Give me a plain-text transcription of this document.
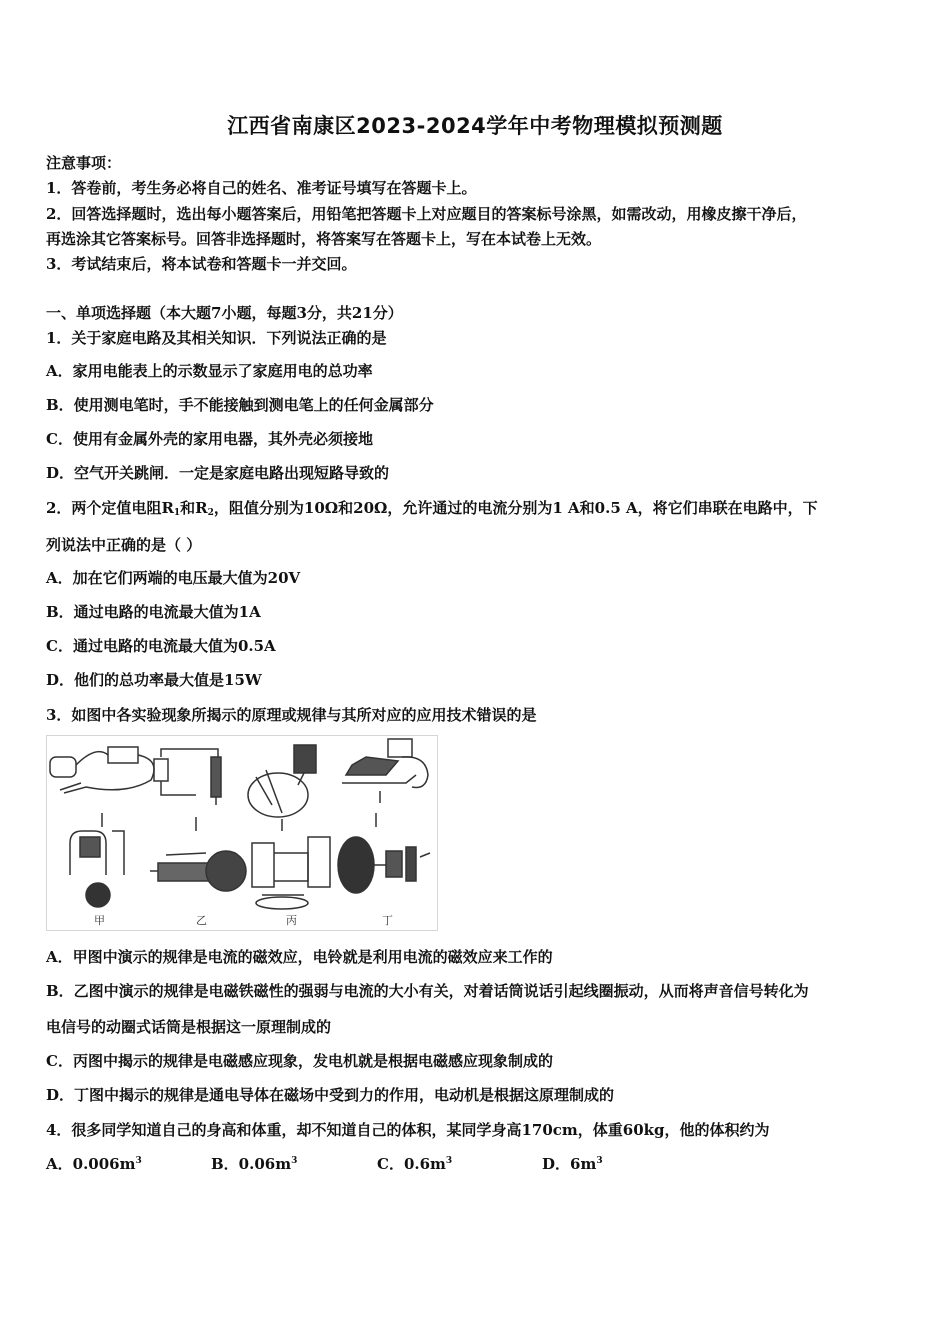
江西省南康区2023-2024学年中考物理模拟预测题
注意事项：
1．答卷前，考生务必将自己的姓名、准考证号填写在答题卡上。
2．回答选择题时，选出每小题答案后，用铅笔把答题卡上对应题目的答案标号涂黑，如需改动，用橡皮擦干净后，
再选涂其它答案标号。回答非选择题时，将答案写在答题卡上，写在本试卷上无效。
3．考试结束后，将本试卷和答题卡一并交回。
一、单项选择题（本大题7小题，每题3分，共21分）
1．关于家庭电路及其相关知识．下列说法正确的是
A．家用电能表上的示数显示了家庭用电的总功率
B．使用测电笔时，手不能接触到测电笔上的任何金属部分
C．使用有金属外壳的家用电器，其外壳必须接地
D．空气开关跳闸．一定是家庭电路出现短路导致的
2．两个定值电阻$R_1$和$R_2$，阻值分别为10Ω和20Ω，允许通过的电流分别为1 A和0.5 A，将它们串联在电路中，下
列说法中正确的是（ ）
A．加在它们两端的电压最大值为20V
B．通过电路的电流最大值为1A
C．通过电路的电流最大值为0.5A
D．他们的总功率最大值是15W
3．如图中各实验现象所揭示的原理或规律与其所对应的应用技术错误的是
甲	乙	丙	丁
A．甲图中演示的规律是电流的磁效应，电铃就是利用电流的磁效应来工作的
B．乙图中演示的规律是电磁铁磁性的强弱与电流的大小有关，对着话筒说话引起线圈振动，从而将声音信号转化为
电信号的动圈式话筒是根据这一原理制成的
C．丙图中揭示的规律是电磁感应现象，发电机就是根据电磁感应现象制成的
D．丁图中揭示的规律是通电导体在磁场中受到力的作用，电动机是根据这原理制成的
4．很多同学知道自己的身高和体重，却不知道自己的体积，某同学身高170cm，体重60kg，他的体积约为
A．$0.006m^3$	B．$0.06m^3$	C．$0.6m^3$	D．$6m^3$
